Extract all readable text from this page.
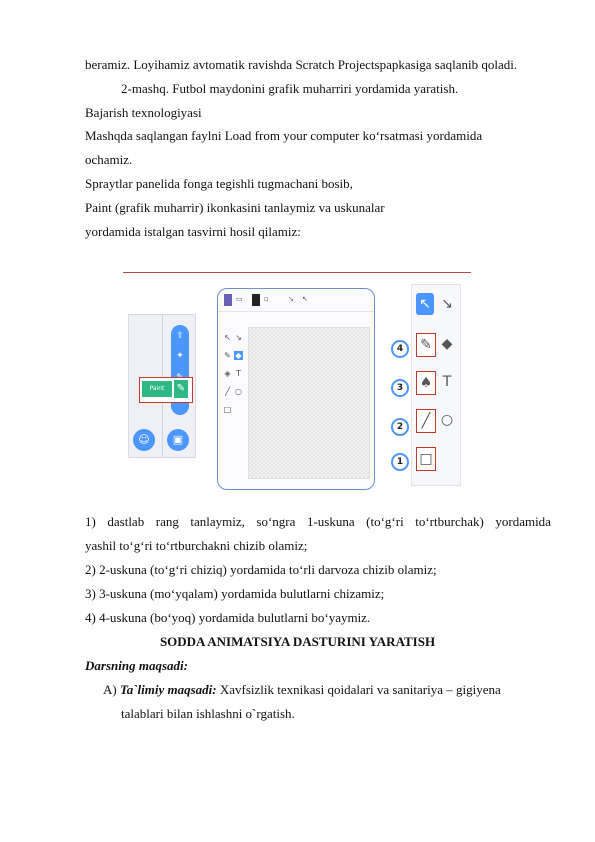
beramiz. Loyihamiz avtomatik ravishda Scratch Projectspapkasiga saqlanib qoladi.
2-mashq. Futbol maydonini grafik muharriri yordamida yaratish.
Bajarish texnologiyasi
Mashqda saqlangan faylni Load from your computer ko‘rsatmasi yordamida
ochamiz.
Spraytlar panelida fonga tegishli tugmachani bosib,
Paint (grafik muharrir) ikonkasini tanlaymiz va uskunalar
yordamida istalgan tasvirni hosil qilamiz:
⇪
✦
Paint	✎
☺	▣
▭	▫	↘ ↖
↖ ↘
✎ ◆
◈ T
╱ ○
□
4
3
2
1
↖ ↘
✎ ◆
♠ T
╱ ○
□
1) dastlab rang tanlaymiz, so‘ngra 1-uskuna (to‘g‘ri to‘rtburchak) yordamida
yashil to‘g‘ri to‘rtburchakni chizib olamiz;
2) 2-uskuna (to‘g‘ri chiziq) yordamida to‘rli darvoza chizib olamiz;
3) 3-uskuna (mo‘yqalam) yordamida bulutlarni chizamiz;
4) 4-uskuna (bo‘yoq) yordamida bulutlarni bo‘yaymiz.
SODDA ANIMATSIYA DASTURINI YARATISH
Darsning maqsadi:
A) Ta`limiy maqsadi: Xavfsizlik texnikasi qoidalari va sanitariya – gigiyena
talablari bilan ishlashni o`rgatish.
